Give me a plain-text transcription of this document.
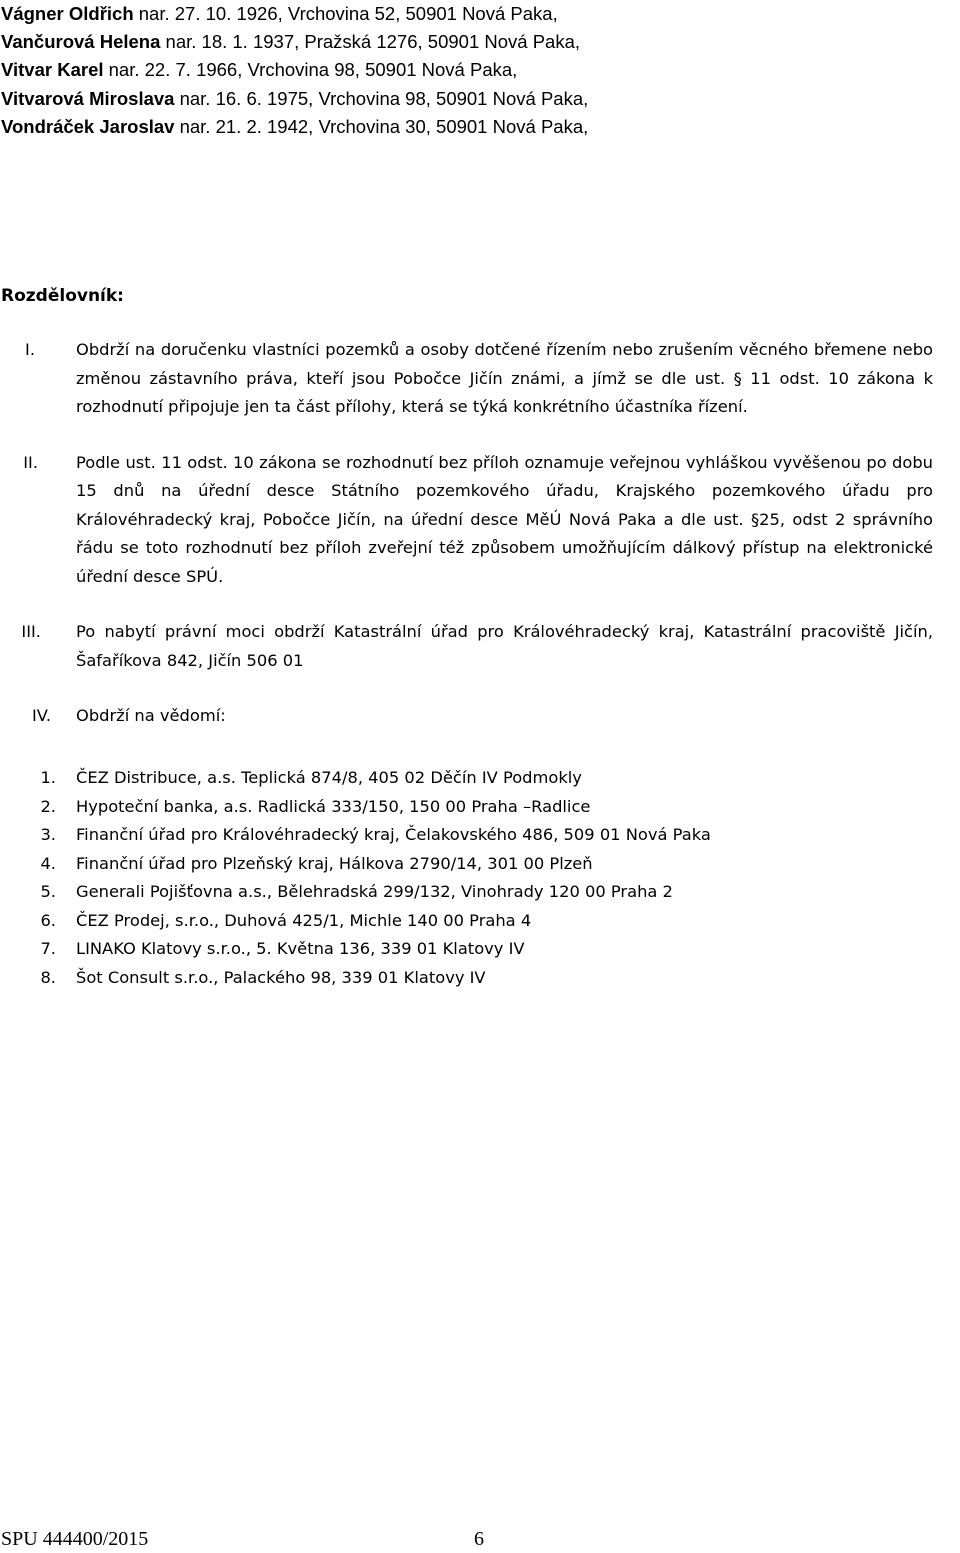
Vágner Oldřich nar. 27. 10. 1926, Vrchovina 52, 50901 Nová Paka,
Vančurová Helena nar. 18. 1. 1937, Pražská 1276, 50901 Nová Paka,
Vitvar Karel nar. 22. 7. 1966, Vrchovina 98, 50901 Nová Paka,
Vitvarová Miroslava nar. 16. 6. 1975, Vrchovina 98, 50901 Nová Paka,
Vondráček Jaroslav nar. 21. 2. 1942, Vrchovina 30, 50901 Nová Paka,
Rozdělovník:
I.	Obdrží na doručenku vlastníci pozemků a osoby dotčené řízením nebo zrušením věcného břemene nebo změnou zástavního práva, kteří jsou Pobočce Jičín známi, a jímž se dle ust. § 11 odst. 10 zákona k rozhodnutí připojuje jen ta část přílohy, která se týká konkrétního účastníka řízení.
II. Podle ust. 11 odst. 10 zákona se rozhodnutí bez příloh oznamuje veřejnou vyhláškou vyvěšenou po dobu 15 dnů na úřední desce Státního pozemkového úřadu, Krajského pozemkového úřadu pro Královéhradecký kraj, Pobočce Jičín, na úřední desce MěÚ Nová Paka a dle ust. §25, odst 2 správního řádu se toto rozhodnutí bez příloh zveřejní též způsobem umožňujícím dálkový přístup na elektronické úřední desce SPÚ.
III. Po nabytí právní moci obdrží Katastrální úřad pro Královéhradecký kraj, Katastrální pracoviště Jičín, Šafaříkova 842, Jičín 506 01
IV. Obdrží na vědomí:
1. ČEZ Distribuce, a.s. Teplická 874/8, 405 02 Děčín IV Podmokly
2. Hypoteční banka, a.s. Radlická 333/150, 150 00 Praha –Radlice
3. Finanční úřad pro Královéhradecký kraj, Čelakovského 486, 509 01 Nová Paka
4. Finanční úřad pro Plzeňský kraj, Hálkova 2790/14, 301 00 Plzeň
5. Generali Pojišťovna a.s., Bělehradská 299/132, Vinohrady 120 00 Praha 2
6. ČEZ Prodej, s.r.o., Duhová 425/1, Michle 140 00 Praha 4
7. LINAKO Klatovy s.r.o., 5. Května 136, 339 01 Klatovy IV
8. Šot Consult s.r.o., Palackého 98, 339 01 Klatovy IV
SPU 444400/2015	6
